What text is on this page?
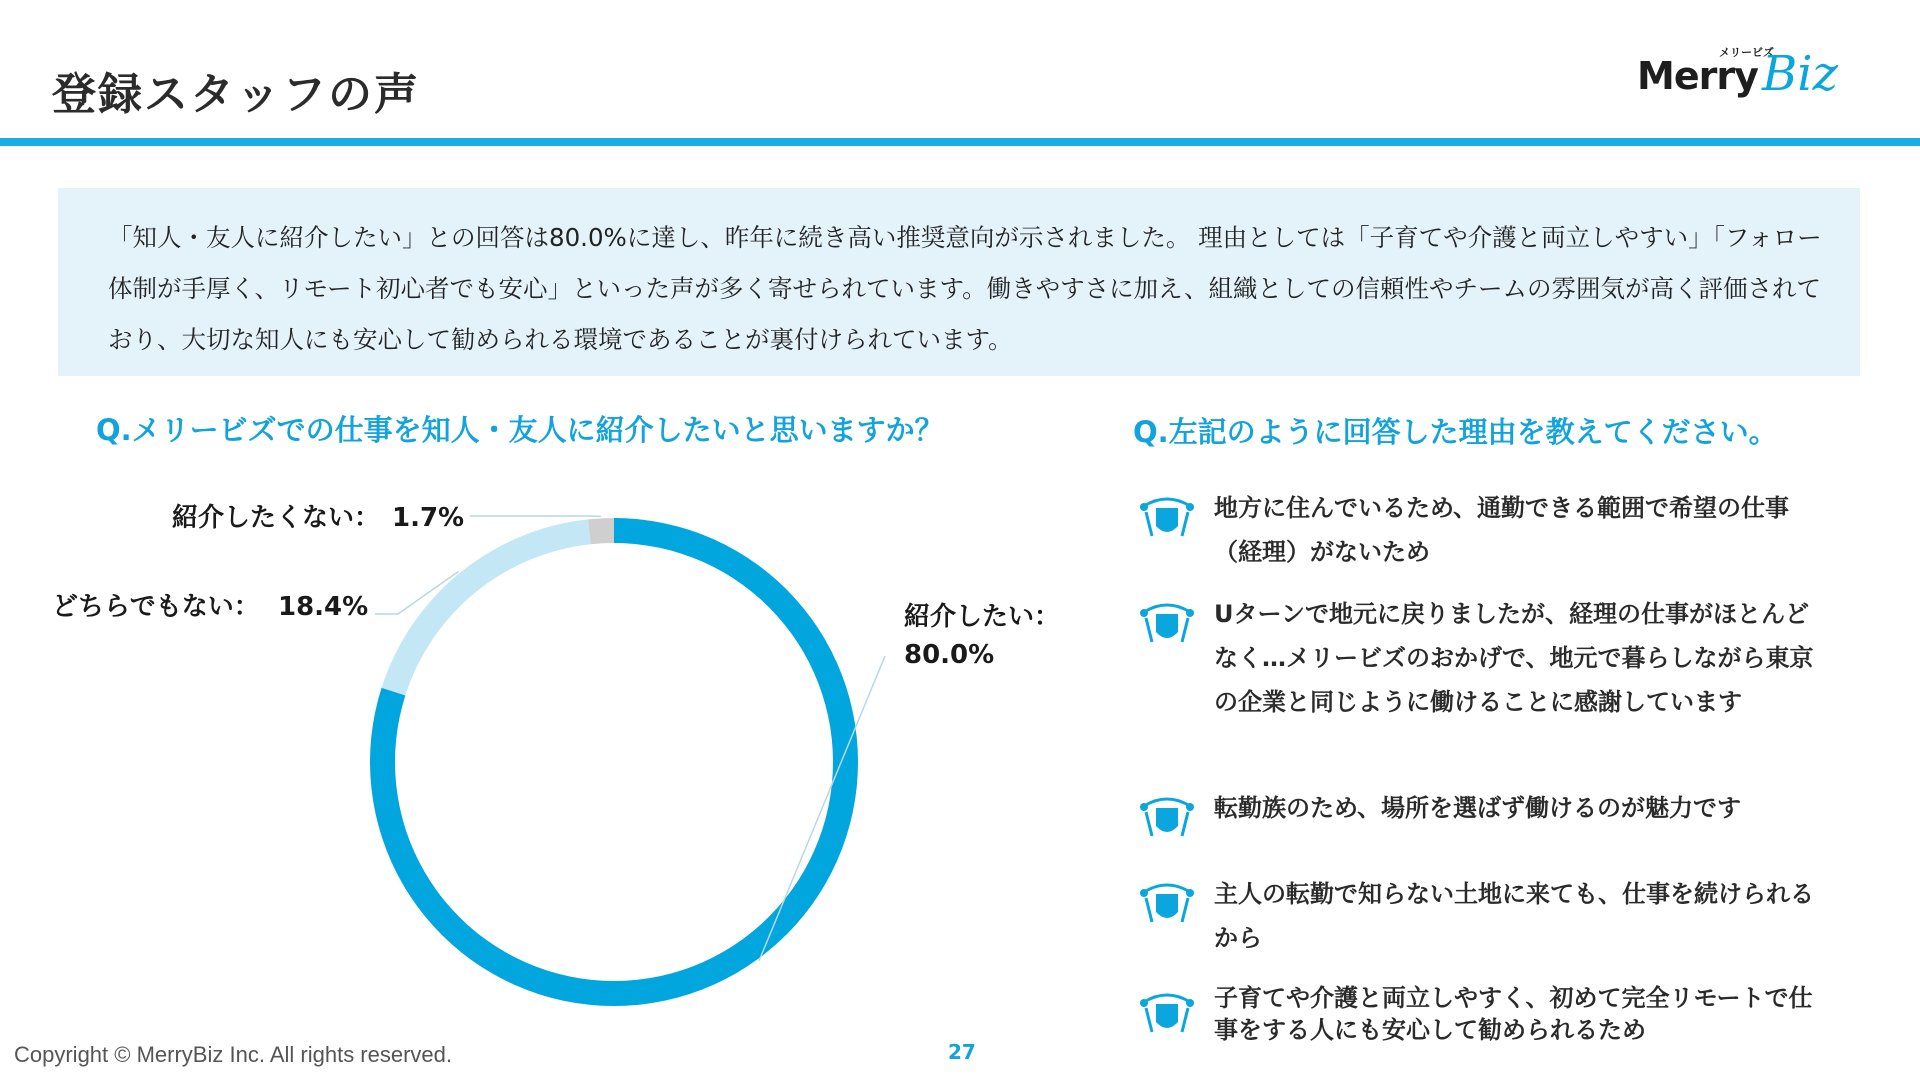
登録スタッフの声
メリービズ
Merry Biz

「知人・友人に紹介したい」との回答は80.0%に達し、昨年に続き高い推奨意向が示されました。 理由としては「子育てや介護と両立しやすい」「フォロー体制が手厚く、リモート初心者でも安心」といった声が多く寄せられています。働きやすさに加え、組織としての信頼性やチームの雰囲気が高く評価されており、大切な知人にも安心して勧められる環境であることが裏付けられています。

Q.メリービズでの仕事を知人・友人に紹介したいと思いますか？	Q.左記のように回答した理由を教えてください。
紹介したい：
80.0%
どちらでもない： 18.4%
紹介したくない： 1.7%	地方に住んでいるため、通勤できる範囲で希望の仕事（経理）がないため
Uターンで地元に戻りましたが、経理の仕事がほとんどなく…メリービズのおかげで、地元で暮らしながら東京の企業と同じように働けることに感謝しています
転勤族のため、場所を選ばず働けるのが魅力です
主人の転勤で知らない土地に来ても、仕事を続けられるから
子育てや介護と両立しやすく、初めて完全リモートで仕事をする人にも安心して勧められるため
Copyright © MerryBiz Inc. All rights reserved.	27
